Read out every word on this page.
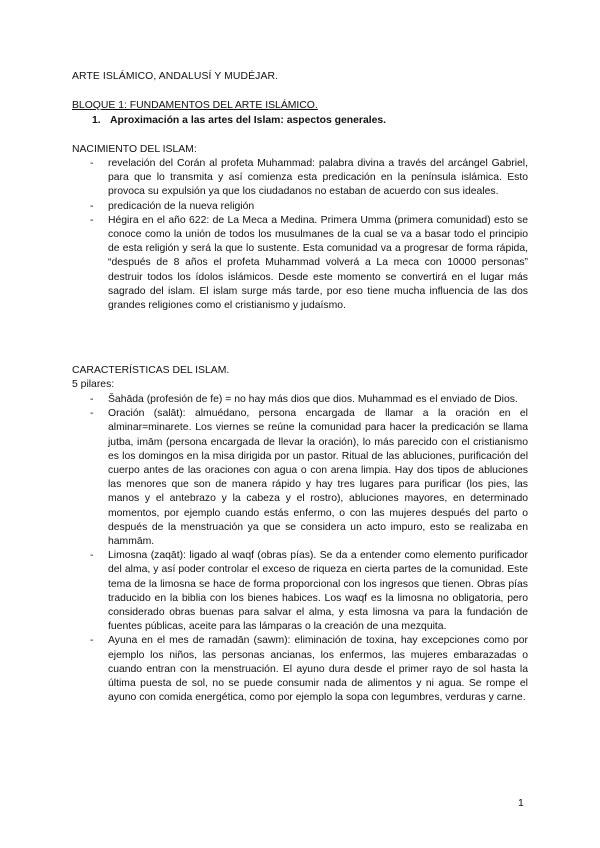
ARTE ISLÁMICO, ANDALUSÍ Y MUDÉJAR.
BLOQUE 1: FUNDAMENTOS DEL ARTE ISLÁMICO.
1. Aproximación a las artes del Islam: aspectos generales.
NACIMIENTO DEL ISLAM:
- revelación del Corán al profeta Muhammad: palabra divina a través del arcángel Gabriel, para que lo transmita y así comienza esta predicación en la península islámica. Esto provoca su expulsión ya que los ciudadanos no estaban de acuerdo con sus ideales.
- predicación de la nueva religión
- Hégira en el año 622: de La Meca a Medina. Primera Umma (primera comunidad) esto se conoce como la unión de todos los musulmanes de la cual se va a basar todo el principio de esta religión y será la que lo sustente. Esta comunidad va a progresar de forma rápida, “después de 8 años el profeta Muhammad volverá a La meca con 10000 personas” destruir todos los ídolos islámicos. Desde este momento se convertirá en el lugar más sagrado del islam. El islam surge más tarde, por eso tiene mucha influencia de las dos grandes religiones como el cristianismo y judaísmo.
CARACTERÍSTICAS DEL ISLAM.
5 pilares:
- Šahāda (profesión de fe) = no hay más dios que dios. Muhammad es el enviado de Dios.
- Oración (salāt): almuédano, persona encargada de llamar a la oración en el alminar=minarete. Los viernes se reúne la comunidad para hacer la predicación se llama jutba, imām (persona encargada de llevar la oración), lo más parecido con el cristianismo es los domingos en la misa dirigida por un pastor. Ritual de las abluciones, purificación del cuerpo antes de las oraciones con agua o con arena limpia. Hay dos tipos de abluciones las menores que son de manera rápido y hay tres lugares para purificar (los pies, las manos y el antebrazo y la cabeza y el rostro), abluciones mayores, en determinado momentos, por ejemplo cuando estás enfermo, o con las mujeres después del parto o después de la menstruación ya que se considera un acto impuro, esto se realizaba en hammām.
- Limosna (zaqāt): ligado al waqf (obras pías). Se da a entender como elemento purificador del alma, y así poder controlar el exceso de riqueza en cierta partes de la comunidad. Este tema de la limosna se hace de forma proporcional con los ingresos que tienen. Obras pías traducido en la biblia con los bienes habices. Los waqf es la limosna no obligatoria, pero considerado obras buenas para salvar el alma, y esta limosna va para la fundación de fuentes públicas, aceite para las lámparas o la creación de una mezquita.
- Ayuna en el mes de ramadān (sawm): eliminación de toxina, hay excepciones como por ejemplo los niños, las personas ancianas, los enfermos, las mujeres embarazadas o cuando entran con la menstruación. El ayuno dura desde el primer rayo de sol hasta la última puesta de sol, no se puede consumir nada de alimentos y ni agua. Se rompe el ayuno con comida energética, como por ejemplo la sopa con legumbres, verduras y carne.
1
